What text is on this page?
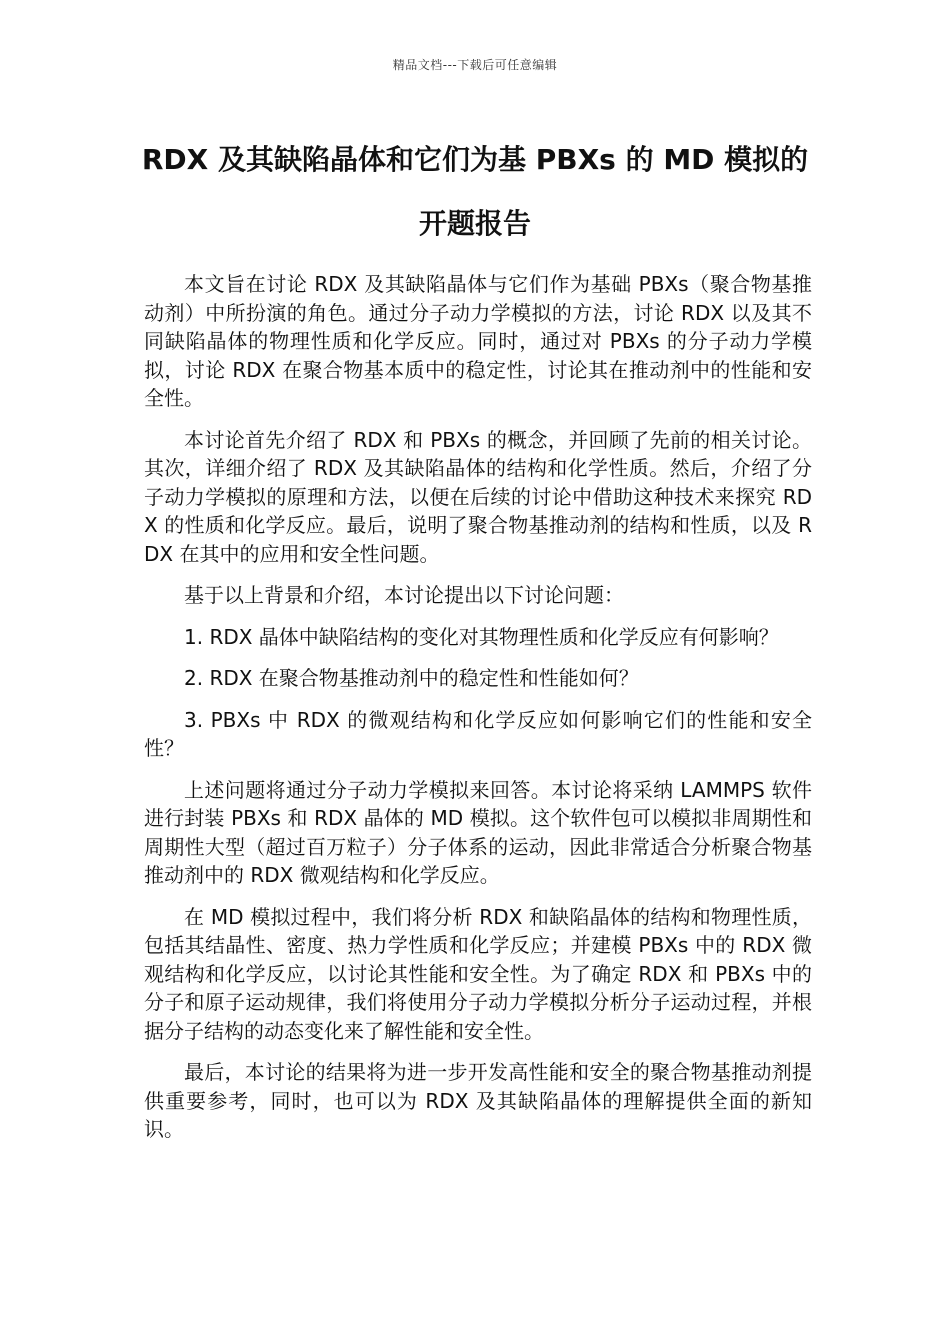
精品文档---下载后可任意编辑
RDX 及其缺陷晶体和它们为基 PBXs 的 MD 模拟的
开题报告

本文旨在讨论 RDX 及其缺陷晶体与它们作为基础 PBXs（聚合物基推动剂）中所扮演的角色。通过分子动力学模拟的方法，讨论 RDX 以及其不同缺陷晶体的物理性质和化学反应。同时，通过对 PBXs 的分子动力学模拟，讨论 RDX 在聚合物基本质中的稳定性，讨论其在推动剂中的性能和安全性。

本讨论首先介绍了 RDX 和 PBXs 的概念，并回顾了先前的相关讨论。其次，详细介绍了 RDX 及其缺陷晶体的结构和化学性质。然后，介绍了分子动力学模拟的原理和方法，以便在后续的讨论中借助这种技术来探究 RDX 的性质和化学反应。最后，说明了聚合物基推动剂的结构和性质，以及 RDX 在其中的应用和安全性问题。

基于以上背景和介绍，本讨论提出以下讨论问题：

1. RDX 晶体中缺陷结构的变化对其物理性质和化学反应有何影响？

2. RDX 在聚合物基推动剂中的稳定性和性能如何？

3. PBXs 中 RDX 的微观结构和化学反应如何影响它们的性能和安全性？

上述问题将通过分子动力学模拟来回答。本讨论将采纳 LAMMPS 软件进行封装 PBXs 和 RDX 晶体的 MD 模拟。这个软件包可以模拟非周期性和周期性大型（超过百万粒子）分子体系的运动，因此非常适合分析聚合物基推动剂中的 RDX 微观结构和化学反应。

在 MD 模拟过程中，我们将分析 RDX 和缺陷晶体的结构和物理性质，包括其结晶性、密度、热力学性质和化学反应；并建模 PBXs 中的 RDX 微观结构和化学反应，以讨论其性能和安全性。为了确定 RDX 和 PBXs 中的分子和原子运动规律，我们将使用分子动力学模拟分析分子运动过程，并根据分子结构的动态变化来了解性能和安全性。

最后，本讨论的结果将为进一步开发高性能和安全的聚合物基推动剂提供重要参考，同时，也可以为 RDX 及其缺陷晶体的理解提供全面的新知识。
